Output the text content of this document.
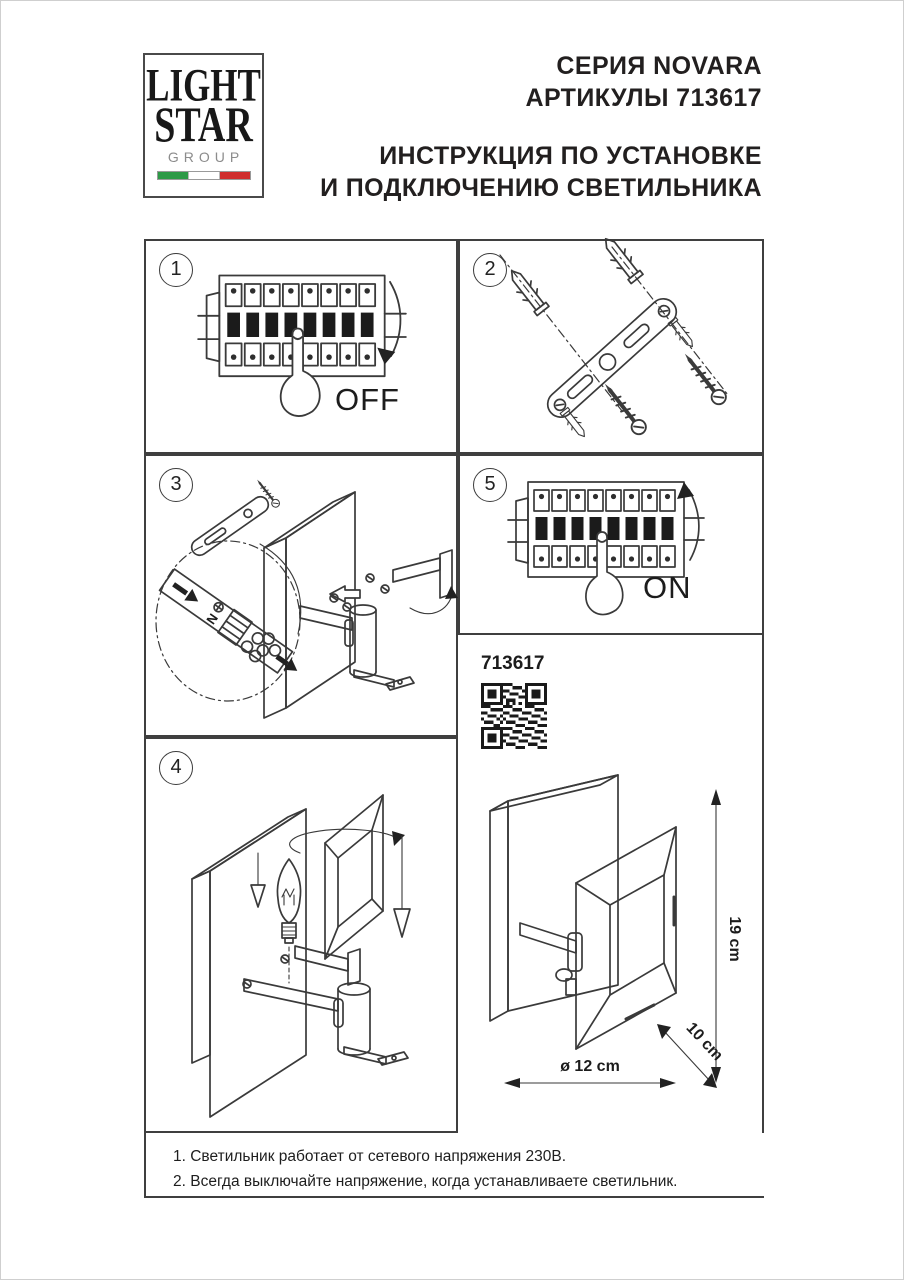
LIGHT
STAR
GROUP
СЕРИЯ NOVARA
АРТИКУЛЫ 713617
ИНСТРУКЦИЯ ПО УСТАНОВКЕ
И ПОДКЛЮЧЕНИЮ СВЕТИЛЬНИКА
1
OFF
2
3
N
5
ON
4
713617
19 cm
ø 12 cm
10 cm
1. Светильник работает от сетевого напряжения 230В.
2. Всегда выключайте напряжение, когда устанавливаете светильник.
